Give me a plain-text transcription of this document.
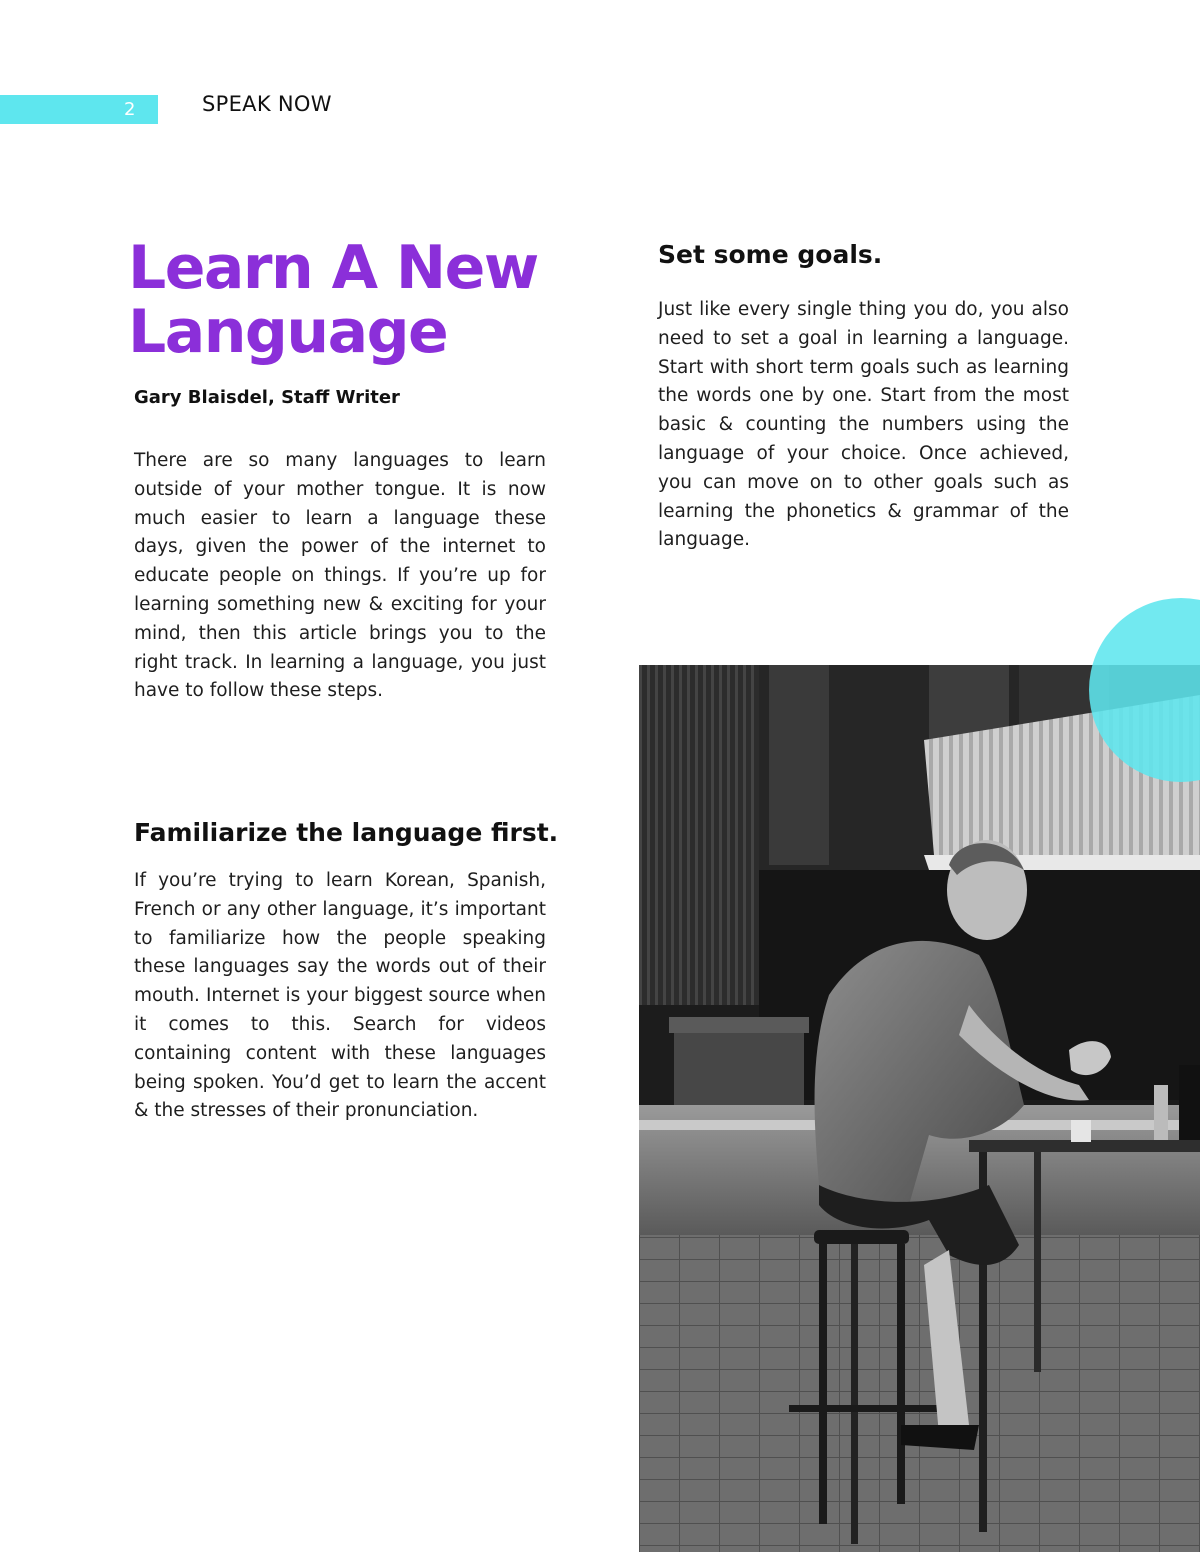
2	SPEAK NOW
Learn A New Language
Gary Blaisdel, Staff Writer

There are so many languages to learn outside of your mother tongue. It is now much easier to learn a language these days, given the power of the internet to educate people on things. If you’re up for learning something new & exciting for your mind, then this article brings you to the right track. In learning a language, you just have to follow these steps.

Familiarize the language first.

If you’re trying to learn Korean, Spanish, French or any other language, it’s important to familiarize how the people speaking these languages say the words out of their mouth. Internet is your biggest source when it comes to this. Search for videos containing content with these languages being spoken. You’d get to learn the accent & the stresses of their pronunciation.

Set some goals.

Just like every single thing you do, you also need to set a goal in learning a language. Start with short term goals such as learning the words one by one. Start from the most basic & counting the numbers using the language of your choice. Once achieved, you can move on to other goals such as learning the phonetics & grammar of the language.
